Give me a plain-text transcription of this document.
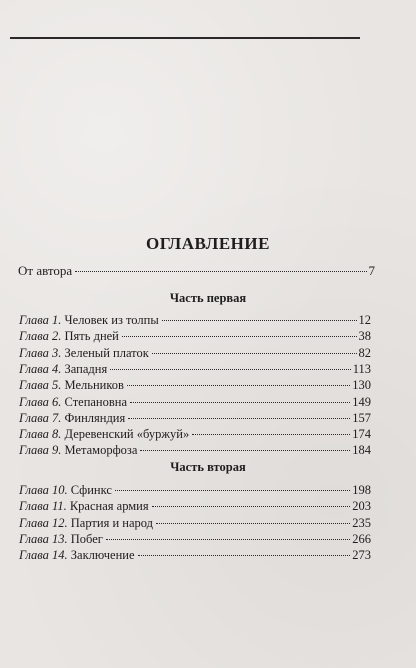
ОГЛАВЛЕНИЕ
От автора	7
Часть первая
Глава 1. Человек из толпы	12
Глава 2. Пять дней	38
Глава 3. Зеленый платок	82
Глава 4. Западня	113
Глава 5. Мельников	130
Глава 6. Степановна	149
Глава 7. Финляндия	157
Глава 8. Деревенский «буржуй»	174
Глава 9. Метаморфоза	184
Часть вторая
Глава 10. Сфинкс	198
Глава 11. Красная армия	203
Глава 12. Партия и народ	235
Глава 13. Побег	266
Глава 14. Заключение	273
